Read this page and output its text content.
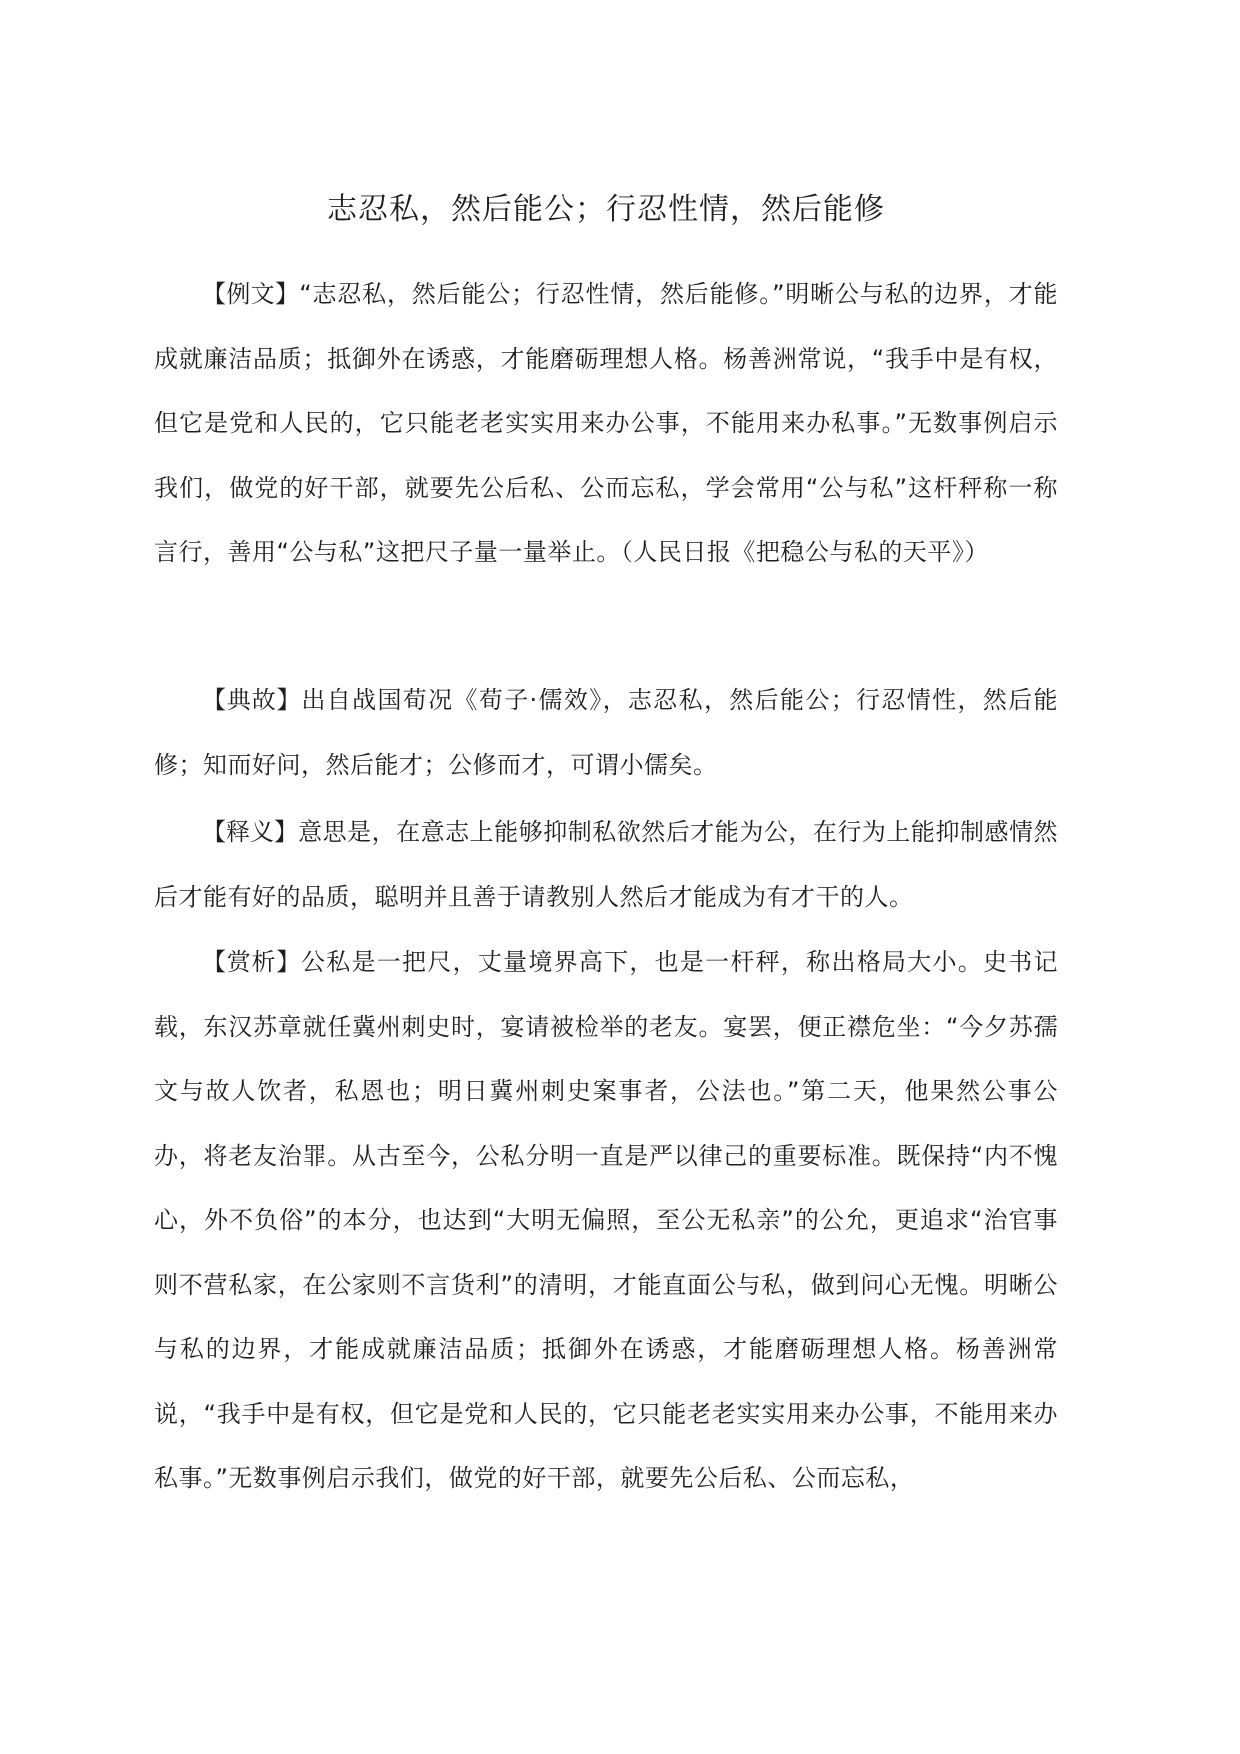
志忍私，然后能公；行忍性情，然后能修

【例文】“志忍私，然后能公；行忍性情，然后能修。”明晰公与私的边界，才能成就廉洁品质；抵御外在诱惑，才能磨砺理想人格。杨善洲常说，“我手中是有权，但它是党和人民的，它只能老老实实用来办公事，不能用来办私事。”无数事例启示我们，做党的好干部，就要先公后私、公而忘私，学会常用“公与私”这杆秤称一称言行，善用“公与私”这把尺子量一量举止。（人民日报《把稳公与私的天平》）

【典故】出自战国荀况《荀子·儒效》，志忍私，然后能公；行忍情性，然后能修；知而好问，然后能才；公修而才，可谓小儒矣。

【释义】意思是，在意志上能够抑制私欲然后才能为公，在行为上能抑制感情然后才能有好的品质，聪明并且善于请教别人然后才能成为有才干的人。

【赏析】公私是一把尺，丈量境界高下，也是一杆秤，称出格局大小。史书记载，东汉苏章就任冀州刺史时，宴请被检举的老友。宴罢，便正襟危坐：“今夕苏孺文与故人饮者，私恩也；明日冀州刺史案事者，公法也。”第二天，他果然公事公办，将老友治罪。从古至今，公私分明一直是严以律己的重要标准。既保持“内不愧心，外不负俗”的本分，也达到“大明无偏照，至公无私亲”的公允，更追求“治官事则不营私家，在公家则不言货利”的清明，才能直面公与私，做到问心无愧。明晰公与私的边界，才能成就廉洁品质；抵御外在诱惑，才能磨砺理想人格。杨善洲常说，“我手中是有权，但它是党和人民的，它只能老老实实用来办公事，不能用来办私事。”无数事例启示我们，做党的好干部，就要先公后私、公而忘私，
